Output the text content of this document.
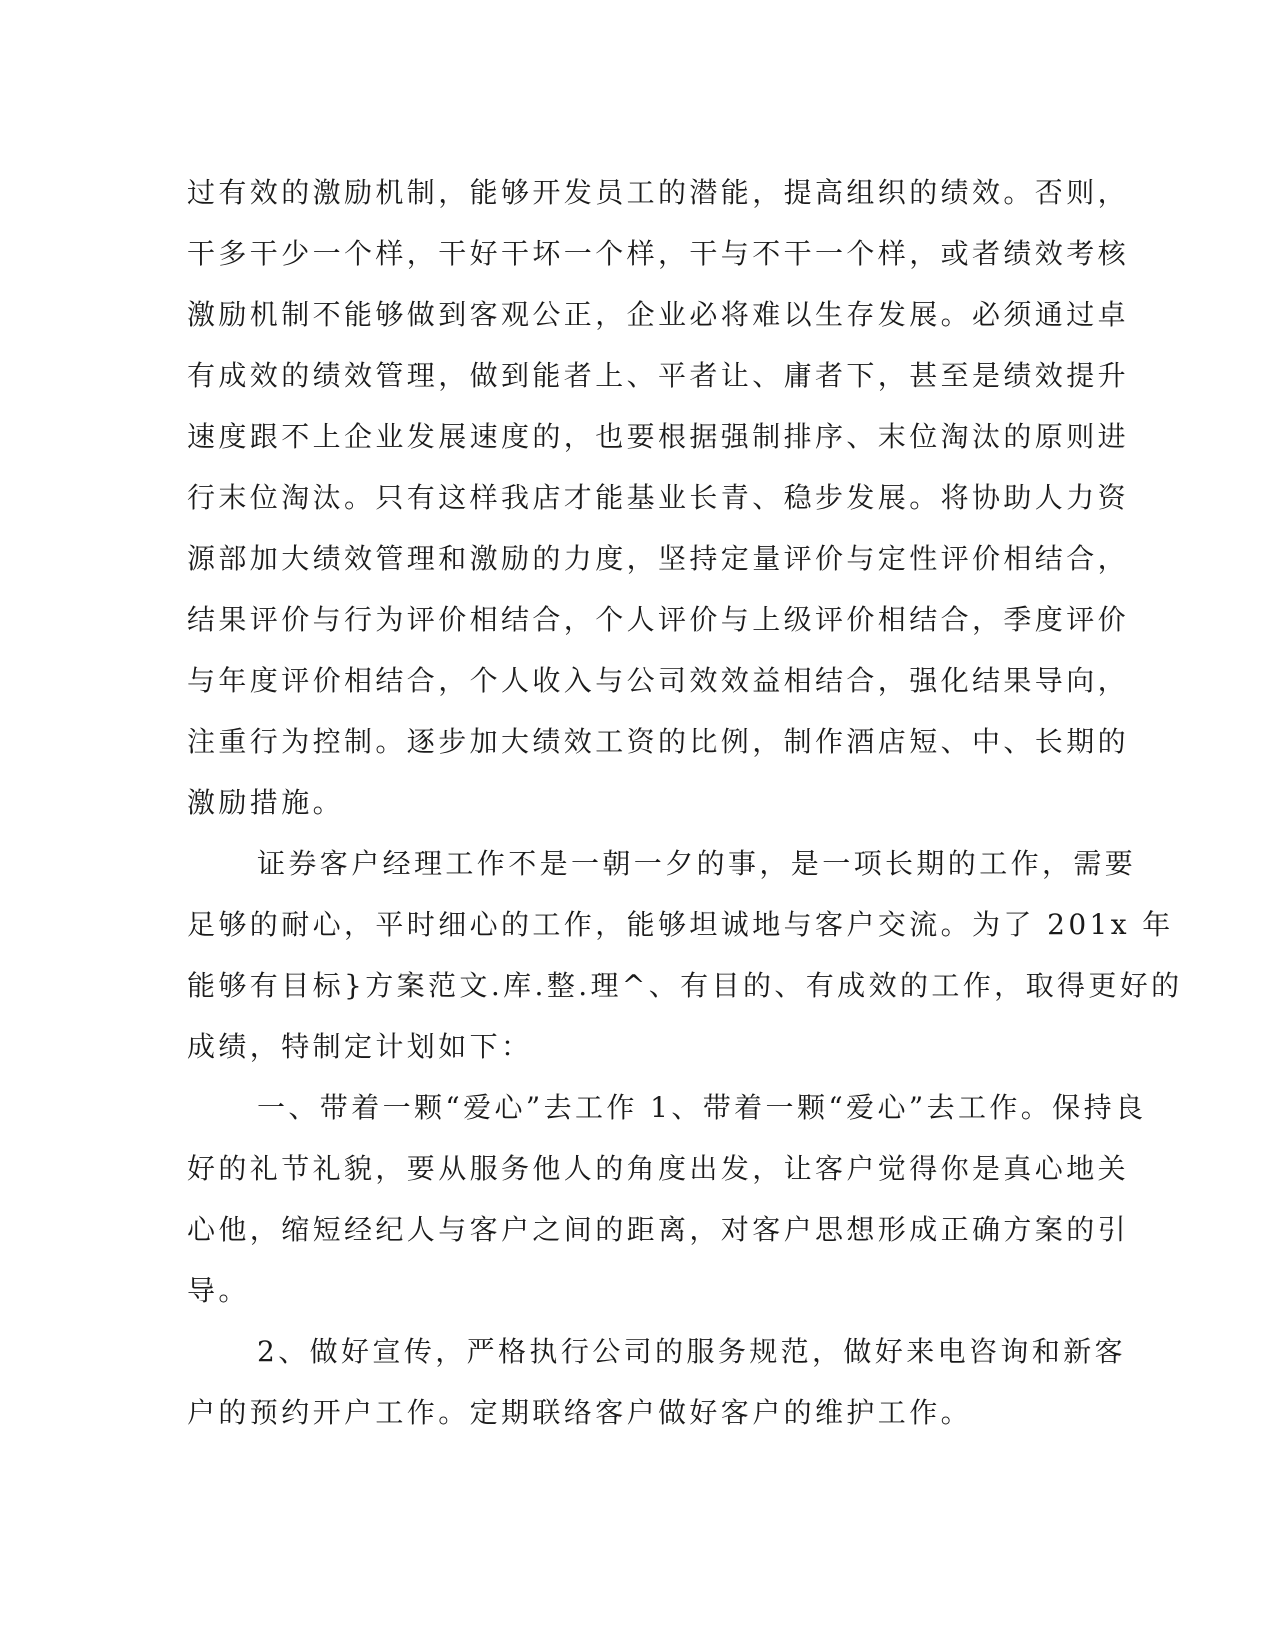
过有效的激励机制，能够开发员工的潜能，提高组织的绩效。否则，
干多干少一个样，干好干坏一个样，干与不干一个样，或者绩效考核
激励机制不能够做到客观公正，企业必将难以生存发展。必须通过卓
有成效的绩效管理，做到能者上、平者让、庸者下，甚至是绩效提升
速度跟不上企业发展速度的，也要根据强制排序、末位淘汰的原则进
行末位淘汰。只有这样我店才能基业长青、稳步发展。将协助人力资
源部加大绩效管理和激励的力度，坚持定量评价与定性评价相结合，
结果评价与行为评价相结合，个人评价与上级评价相结合，季度评价
与年度评价相结合，个人收入与公司效效益相结合，强化结果导向，
注重行为控制。逐步加大绩效工资的比例，制作酒店短、中、长期的
激励措施。
证券客户经理工作不是一朝一夕的事，是一项长期的工作，需要
足够的耐心，平时细心的工作，能够坦诚地与客户交流。为了 201x 年
能够有目标}方案范文.库.整.理^、有目的、有成效的工作，取得更好的
成绩，特制定计划如下：
一、带着一颗“爱心”去工作 1、带着一颗“爱心”去工作。保持良
好的礼节礼貌，要从服务他人的角度出发，让客户觉得你是真心地关
心他，缩短经纪人与客户之间的距离，对客户思想形成正确方案的引
导。
2、做好宣传，严格执行公司的服务规范，做好来电咨询和新客
户的预约开户工作。定期联络客户做好客户的维护工作。
